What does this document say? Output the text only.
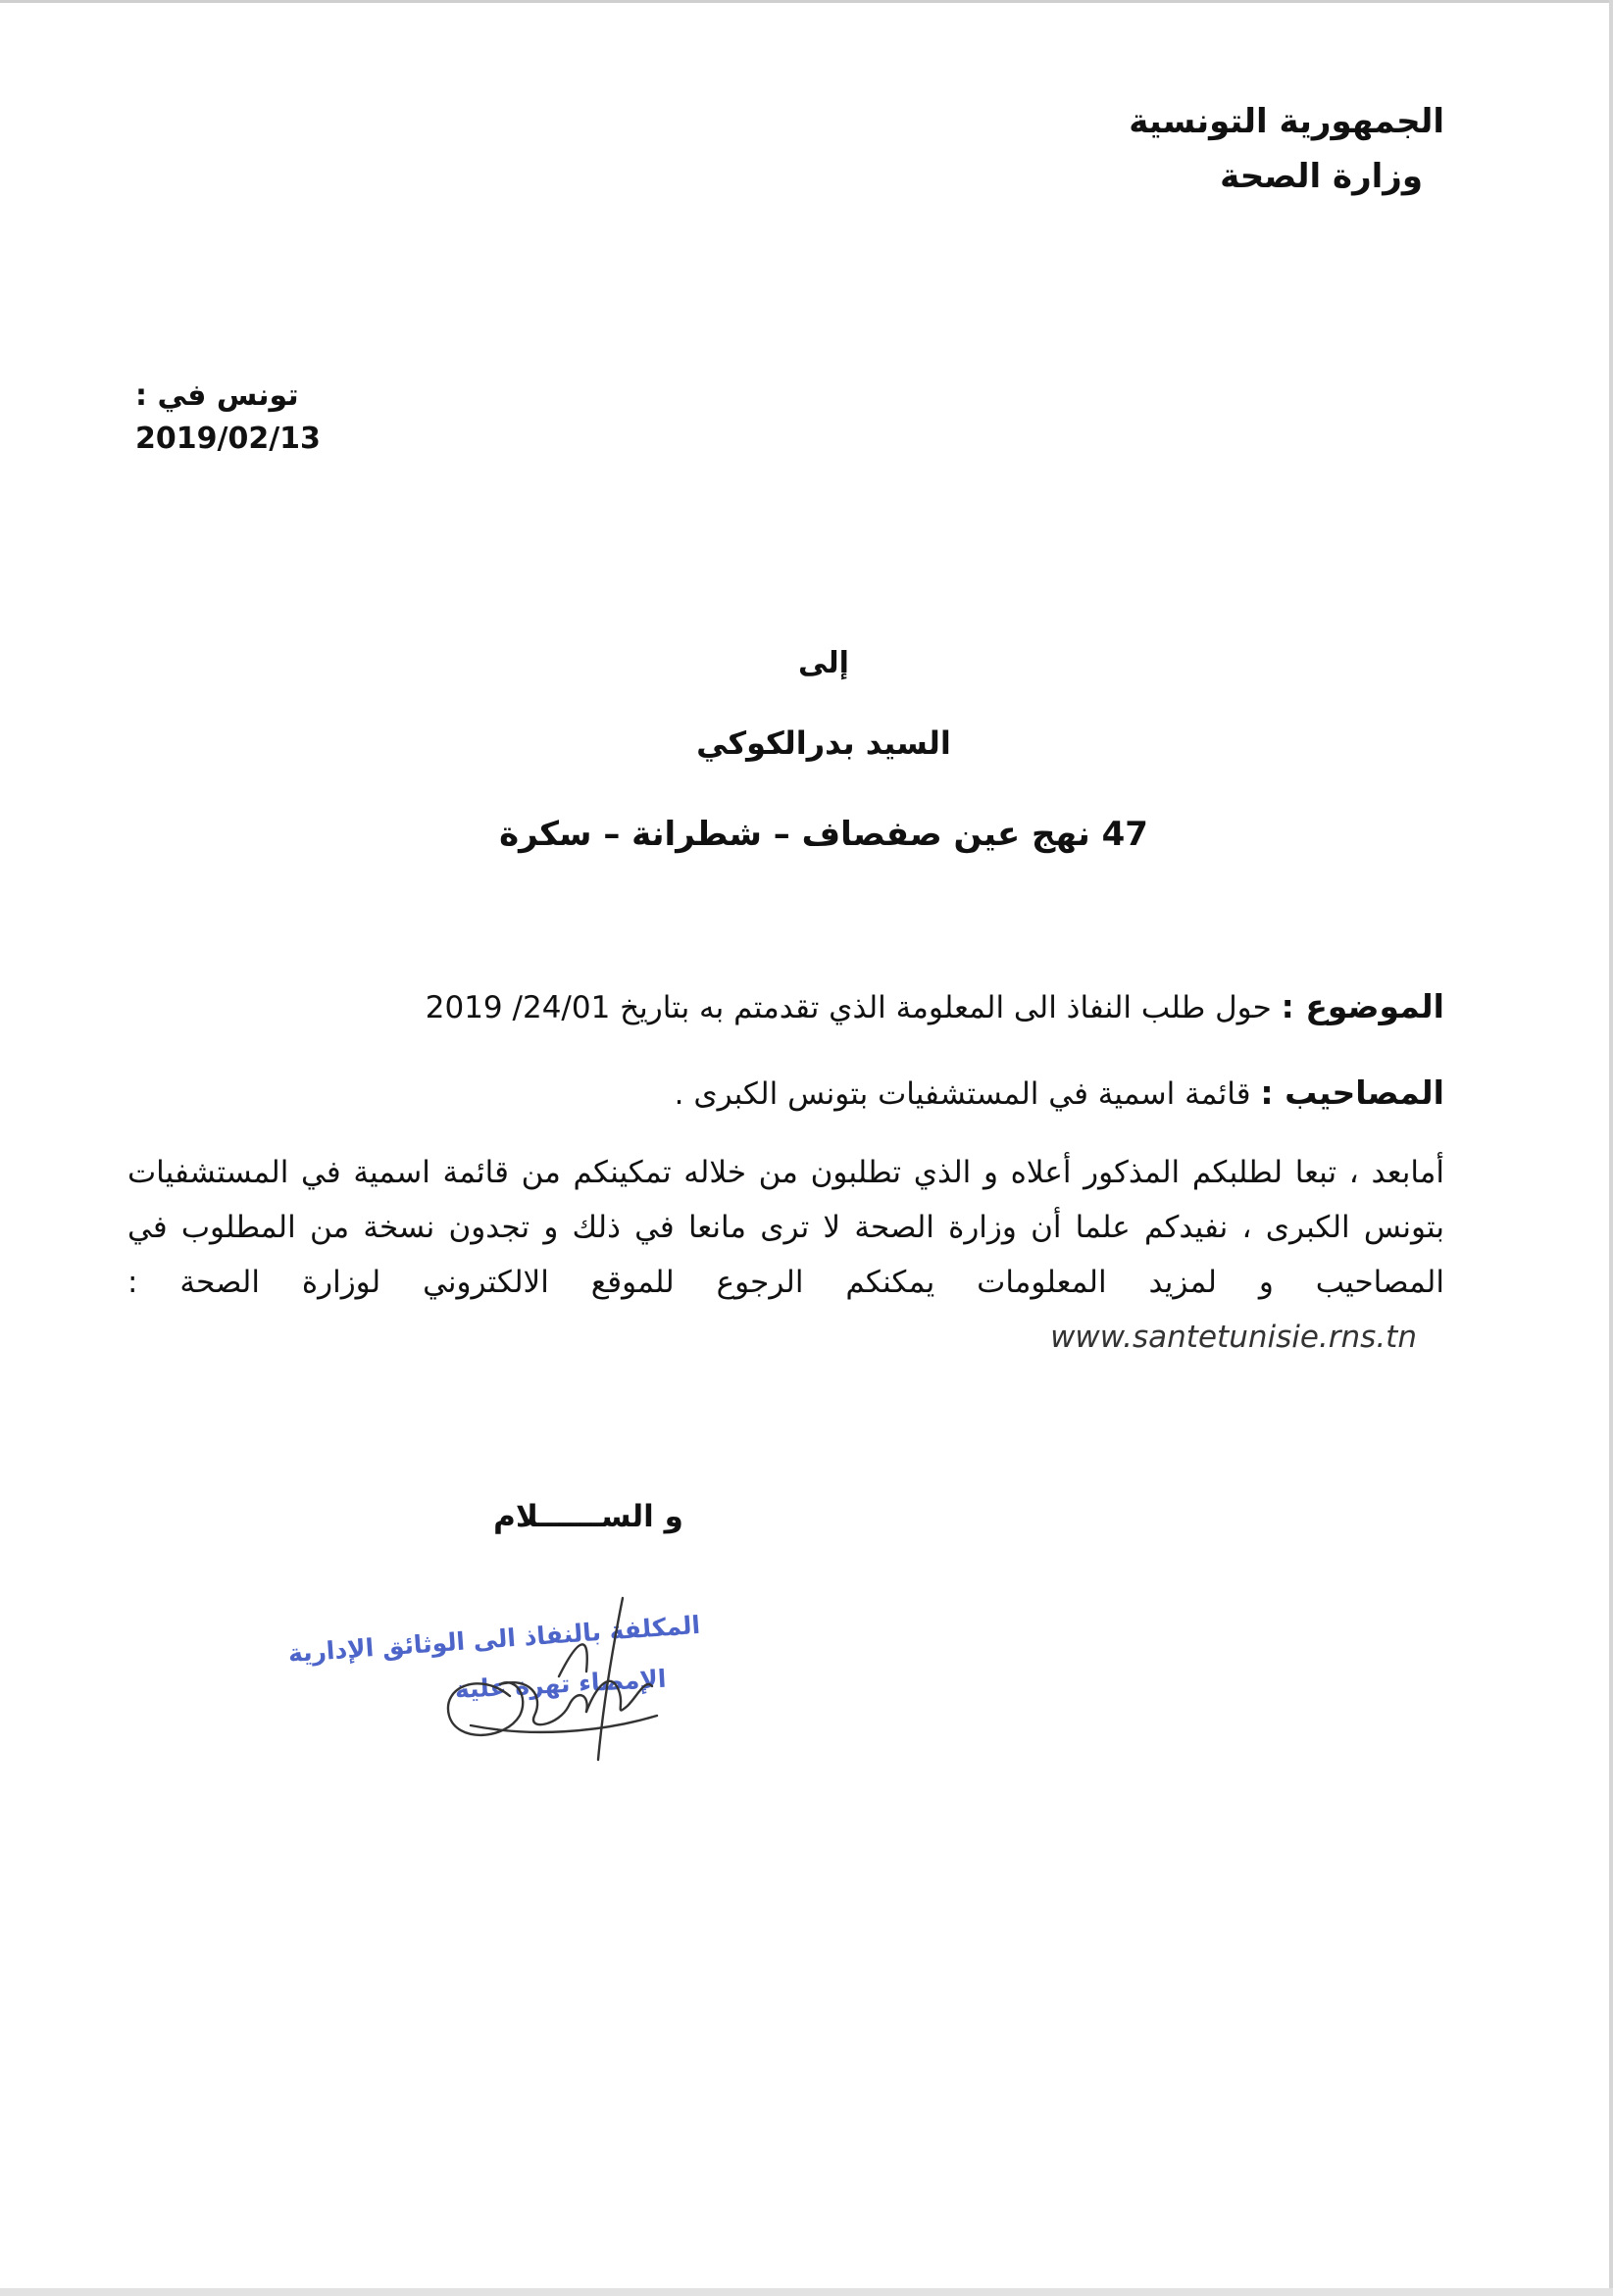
الجمهورية التونسية
وزارة الصحة
تونس في : 2019/02/13
إلى
السيد بدرالكوكي
47 نهج عين صفصاف – شطرانة – سكرة
الموضوع : حول طلب النفاذ الى المعلومة الذي تقدمتم به بتاريخ 24/01/ 2019
المصاحيب : قائمة اسمية في المستشفيات بتونس الكبرى .
أمابعد ، تبعا لطلبكم المذكور أعلاه و الذي تطلبون من خلاله تمكينكم من قائمة اسمية في المستشفيات بتونس الكبرى ، نفيدكم علما أن وزارة الصحة لا ترى مانعا في ذلك و تجدون نسخة من المطلوب في المصاحيب و لمزيد المعلومات يمكنكم الرجوع للموقع الالكتروني لوزارة الصحة : www.santetunisie.rns.tn
و الســــــلام
المكلفة بالنفاذ الى الوثائق الإدارية
الإمضاء تهرة علية
